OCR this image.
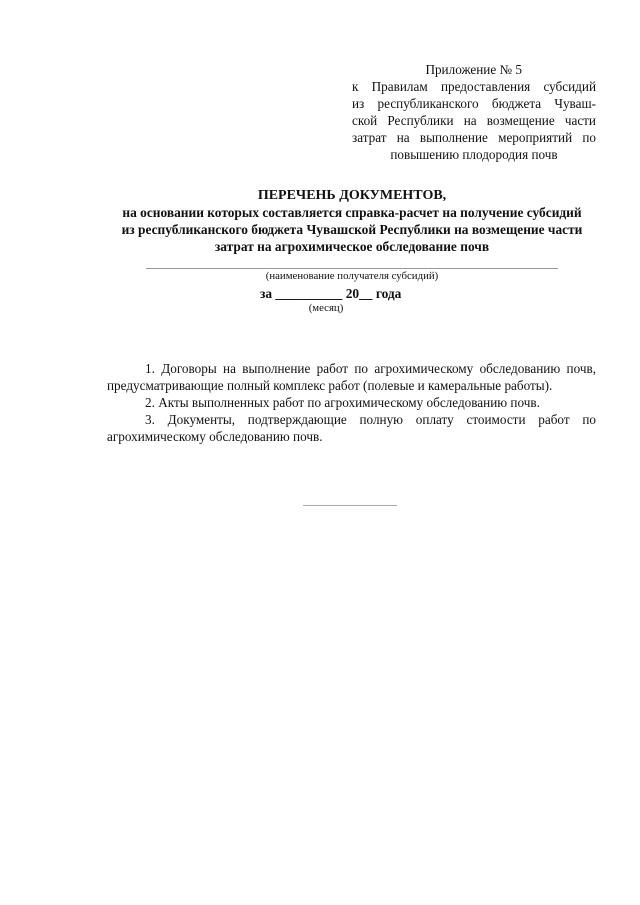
Приложение № 5
к Правилам предоставления субсидий
из республиканского бюджета Чуваш-
ской Республики на возмещение части
затрат на выполнение мероприятий по
повышению плодородия почв
ПЕРЕЧЕНЬ ДОКУМЕНТОВ,
на основании которых составляется справка-расчет на получение субсидий
из республиканского бюджета Чувашской Республики на возмещение части
затрат на агрохимическое обследование почв
(наименование получателя субсидий)
за __________ 20__ года
(месяц)

1. Договоры на выполнение работ по агрохимическому обследованию почв, предусматривающие полный комплекс работ (полевые и камеральные работы).

2. Акты выполненных работ по агрохимическому обследованию почв.

3. Документы, подтверждающие полную оплату стоимости работ по агрохимическому обследованию почв.
